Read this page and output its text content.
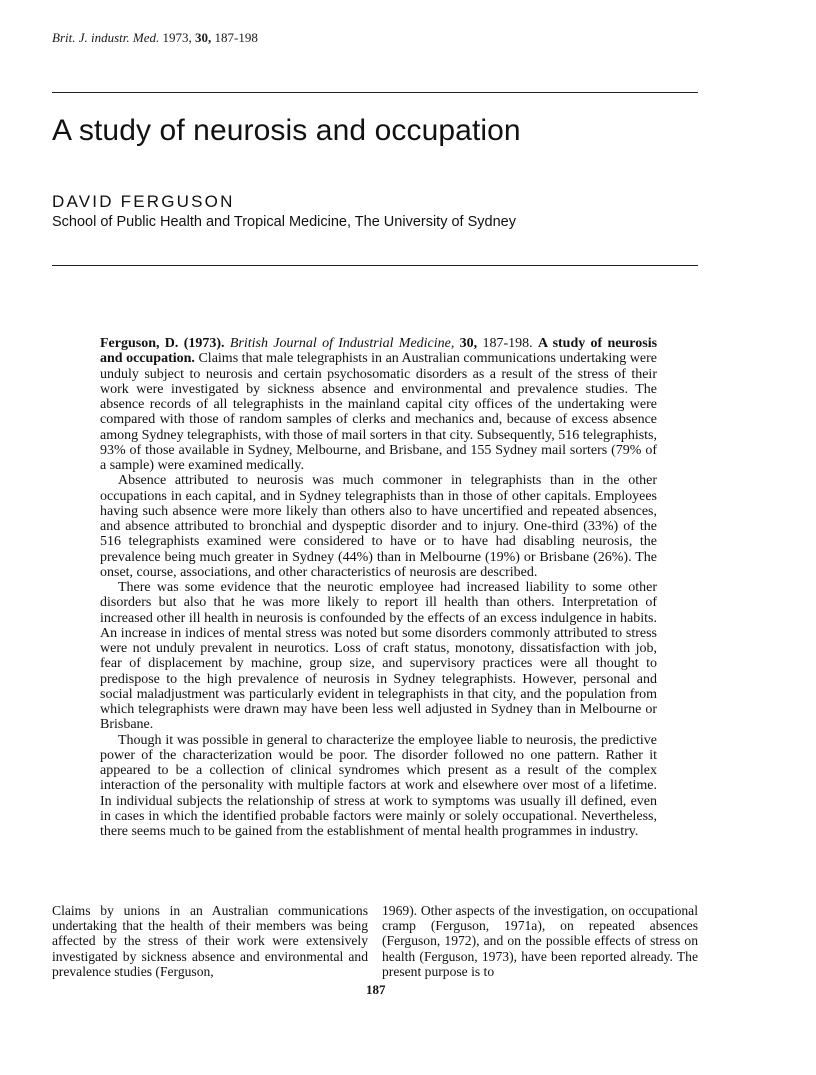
Brit. J. industr. Med. 1973, 30, 187-198
A study of neurosis and occupation
DAVID FERGUSON
School of Public Health and Tropical Medicine, The University of Sydney

Ferguson, D. (1973). British Journal of Industrial Medicine, 30, 187-198. A study of neurosis and occupation. Claims that male telegraphists in an Australian communications undertaking were unduly subject to neurosis and certain psychosomatic disorders as a result of the stress of their work were investigated by sickness absence and environmental and prevalence studies. The absence records of all telegraphists in the mainland capital city offices of the undertaking were compared with those of random samples of clerks and mechanics and, because of excess absence among Sydney telegraphists, with those of mail sorters in that city. Subsequently, 516 telegraphists, 93% of those available in Sydney, Melbourne, and Brisbane, and 155 Sydney mail sorters (79% of a sample) were examined medically.

Absence attributed to neurosis was much commoner in telegraphists than in the other occupations in each capital, and in Sydney telegraphists than in those of other capitals. Employees having such absence were more likely than others also to have uncertified and repeated absences, and absence attributed to bronchial and dyspeptic disorder and to injury. One-third (33%) of the 516 telegraphists examined were considered to have or to have had disabling neurosis, the prevalence being much greater in Sydney (44%) than in Melbourne (19%) or Brisbane (26%). The onset, course, associations, and other characteristics of neurosis are described.

There was some evidence that the neurotic employee had increased liability to some other disorders but also that he was more likely to report ill health than others. Interpretation of increased other ill health in neurosis is confounded by the effects of an excess indulgence in habits. An increase in indices of mental stress was noted but some disorders commonly attributed to stress were not unduly prevalent in neurotics. Loss of craft status, monotony, dissatisfaction with job, fear of displacement by machine, group size, and supervisory practices were all thought to predispose to the high prevalence of neurosis in Sydney telegraphists. However, personal and social maladjustment was particularly evident in telegraphists in that city, and the population from which telegraphists were drawn may have been less well adjusted in Sydney than in Melbourne or Brisbane.

Though it was possible in general to characterize the employee liable to neurosis, the predictive power of the characterization would be poor. The disorder followed no one pattern. Rather it appeared to be a collection of clinical syndromes which present as a result of the complex interaction of the personality with multiple factors at work and elsewhere over most of a lifetime. In individual subjects the relationship of stress at work to symptoms was usually ill defined, even in cases in which the identified probable factors were mainly or solely occupational. Nevertheless, there seems much to be gained from the establishment of mental health programmes in industry.

Claims by unions in an Australian communications undertaking that the health of their members was being affected by the stress of their work were extensively investigated by sickness absence and environmental and prevalence studies (Ferguson,

1969). Other aspects of the investigation, on occupational cramp (Ferguson, 1971a), on repeated absences (Ferguson, 1972), and on the possible effects of stress on health (Ferguson, 1973), have been reported already. The present purpose is to

187
